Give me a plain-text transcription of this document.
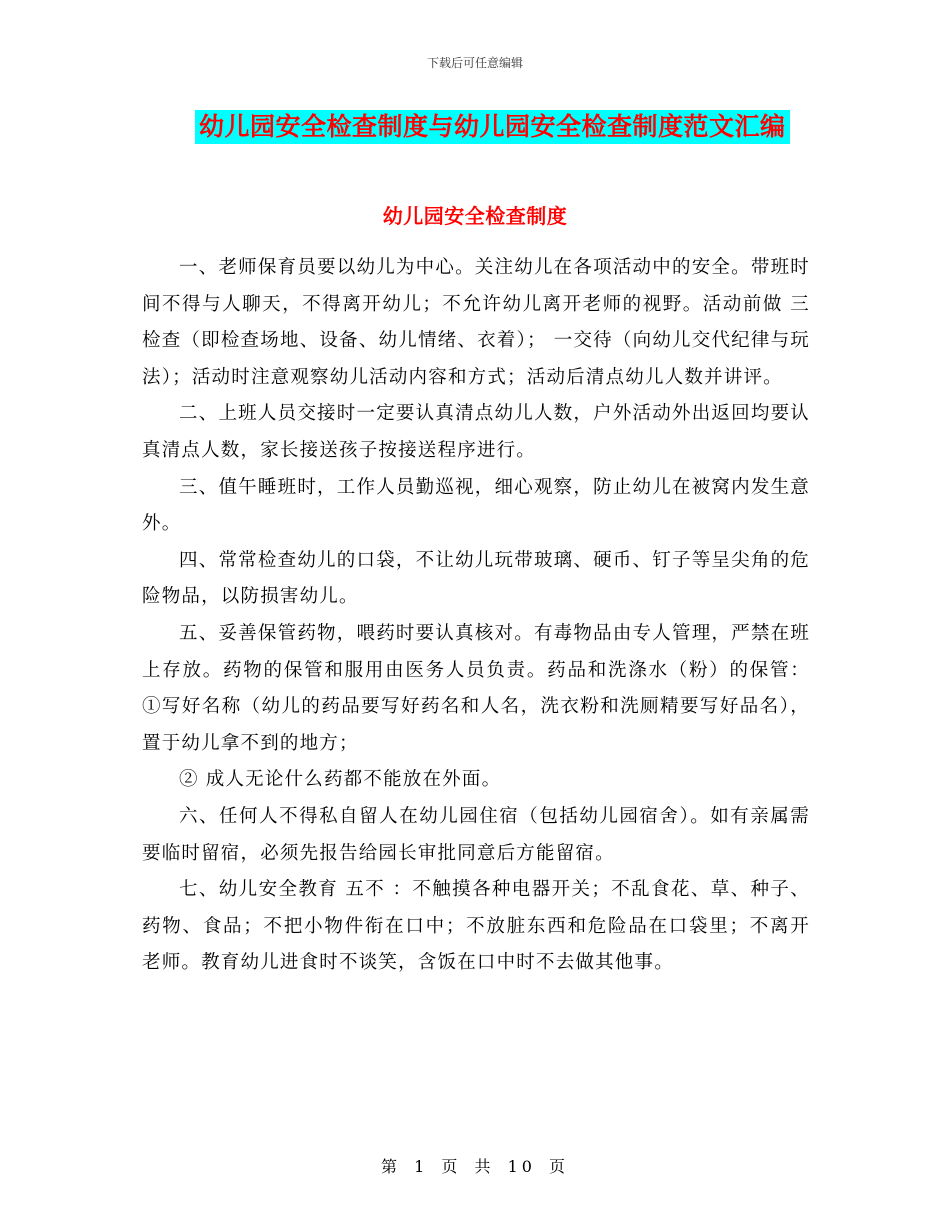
下载后可任意编辑
幼儿园安全检查制度与幼儿园安全检查制度范文汇编
幼儿园安全检查制度

一、老师保育员要以幼儿为中心。关注幼儿在各项活动中的安全。带班时间不得与人聊天，不得离开幼儿；不允许幼儿离开老师的视野。活动前做 三检查（即检查场地、设备、幼儿情绪、衣着）； 一交待（向幼儿交代纪律与玩法）；活动时注意观察幼儿活动内容和方式；活动后清点幼儿人数并讲评。

二、上班人员交接时一定要认真清点幼儿人数，户外活动外出返回均要认真清点人数，家长接送孩子按接送程序进行。

三、值午睡班时，工作人员勤巡视，细心观察，防止幼儿在被窝内发生意外。

四、常常检查幼儿的口袋，不让幼儿玩带玻璃、硬币、钉子等呈尖角的危险物品，以防损害幼儿。

五、妥善保管药物，喂药时要认真核对。有毒物品由专人管理，严禁在班上存放。药物的保管和服用由医务人员负责。药品和洗涤水（粉）的保管：①写好名称（幼儿的药品要写好药名和人名，洗衣粉和洗厕精要写好品名），置于幼儿拿不到的地方；

② 成人无论什么药都不能放在外面。

六、任何人不得私自留人在幼儿园住宿（包括幼儿园宿舍）。如有亲属需要临时留宿，必须先报告给园长审批同意后方能留宿。

七、幼儿安全教育 五不 ：不触摸各种电器开关；不乱食花、草、种子、药物、食品；不把小物件衔在口中；不放脏东西和危险品在口袋里；不离开老师。教育幼儿进食时不谈笑，含饭在口中时不去做其他事。

第 1 页 共 10 页
